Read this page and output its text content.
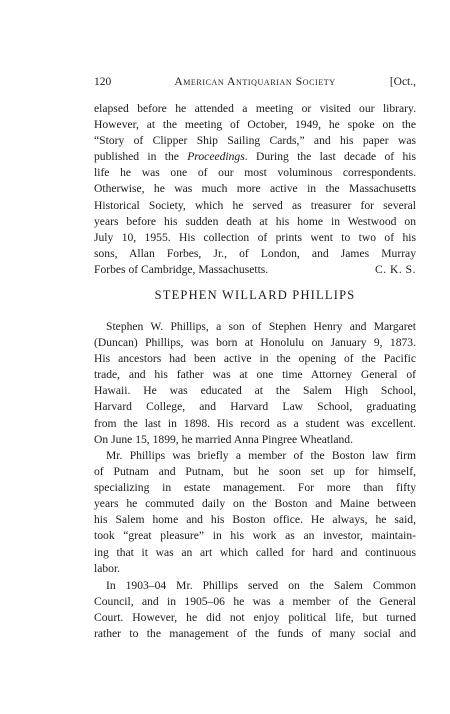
120	American Antiquarian Society	[Oct.,
elapsed before he attended a meeting or visited our library.
However, at the meeting of October, 1949, he spoke on the
“Story of Clipper Ship Sailing Cards,” and his paper was
published in the Proceedings. During the last decade of his
life he was one of our most voluminous correspondents.
Otherwise, he was much more active in the Massachusetts
Historical Society, which he served as treasurer for several
years before his sudden death at his home in Westwood on
July 10, 1955. His collection of prints went to two of his
sons, Allan Forbes, Jr., of London, and James Murray
Forbes of Cambridge, Massachusetts.	C. K. S.
STEPHEN WILLARD PHILLIPS
Stephen W. Phillips, a son of Stephen Henry and Margaret
(Duncan) Phillips, was born at Honolulu on January 9, 1873.
His ancestors had been active in the opening of the Pacific
trade, and his father was at one time Attorney General of
Hawaii. He was educated at the Salem High School,
Harvard College, and Harvard Law School, graduating
from the last in 1898. His record as a student was excellent.
On June 15, 1899, he married Anna Pingree Wheatland.
Mr. Phillips was briefly a member of the Boston law firm
of Putnam and Putnam, but he soon set up for himself,
specializing in estate management. For more than fifty
years he commuted daily on the Boston and Maine between
his Salem home and his Boston office. He always, he said,
took “great pleasure” in his work as an investor, maintain-
ing that it was an art which called for hard and continuous
labor.
In 1903–04 Mr. Phillips served on the Salem Common
Council, and in 1905–06 he was a member of the General
Court. However, he did not enjoy political life, but turned
rather to the management of the funds of many social and
